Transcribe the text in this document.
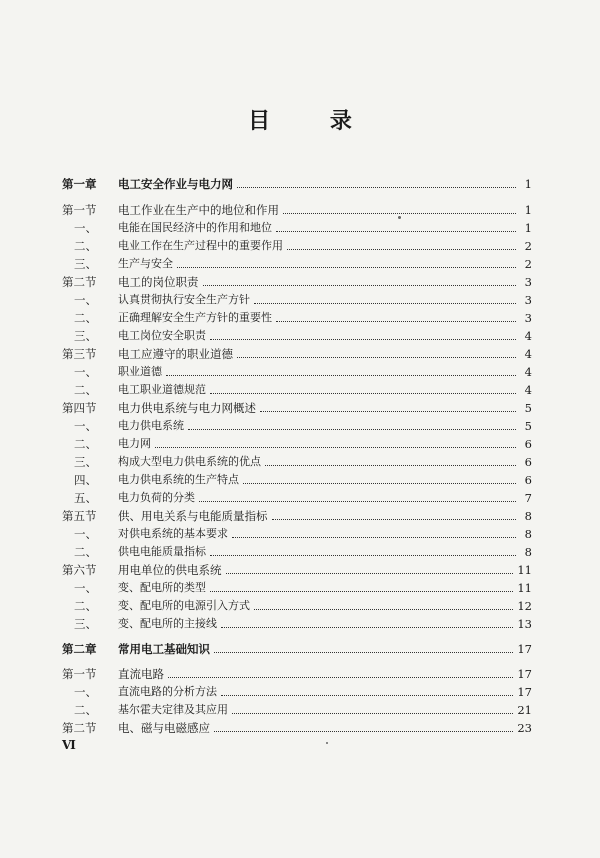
目 录
第一章	电工安全作业与电力网	1
第一节	电工作业在生产中的地位和作用	1
一、	电能在国民经济中的作用和地位	1
二、	电业工作在生产过程中的重要作用	2
三、	生产与安全	2
第二节	电工的岗位职责	3
一、	认真贯彻执行安全生产方针	3
二、	正确理解安全生产方针的重要性	3
三、	电工岗位安全职责	4
第三节	电工应遵守的职业道德	4
一、	职业道德	4
二、	电工职业道德规范	4
第四节	电力供电系统与电力网概述	5
一、	电力供电系统	5
二、	电力网	6
三、	构成大型电力供电系统的优点	6
四、	电力供电系统的生产特点	6
五、	电力负荷的分类	7
第五节	供、用电关系与电能质量指标	8
一、	对供电系统的基本要求	8
二、	供电电能质量指标	8
第六节	用电单位的供电系统	11
一、	变、配电所的类型	11
二、	变、配电所的电源引入方式	12
三、	变、配电所的主接线	13
第二章	常用电工基础知识	17
第一节	直流电路	17
一、	直流电路的分析方法	17
二、	基尔霍夫定律及其应用	21
第二节	电、磁与电磁感应	23
Ⅵ
